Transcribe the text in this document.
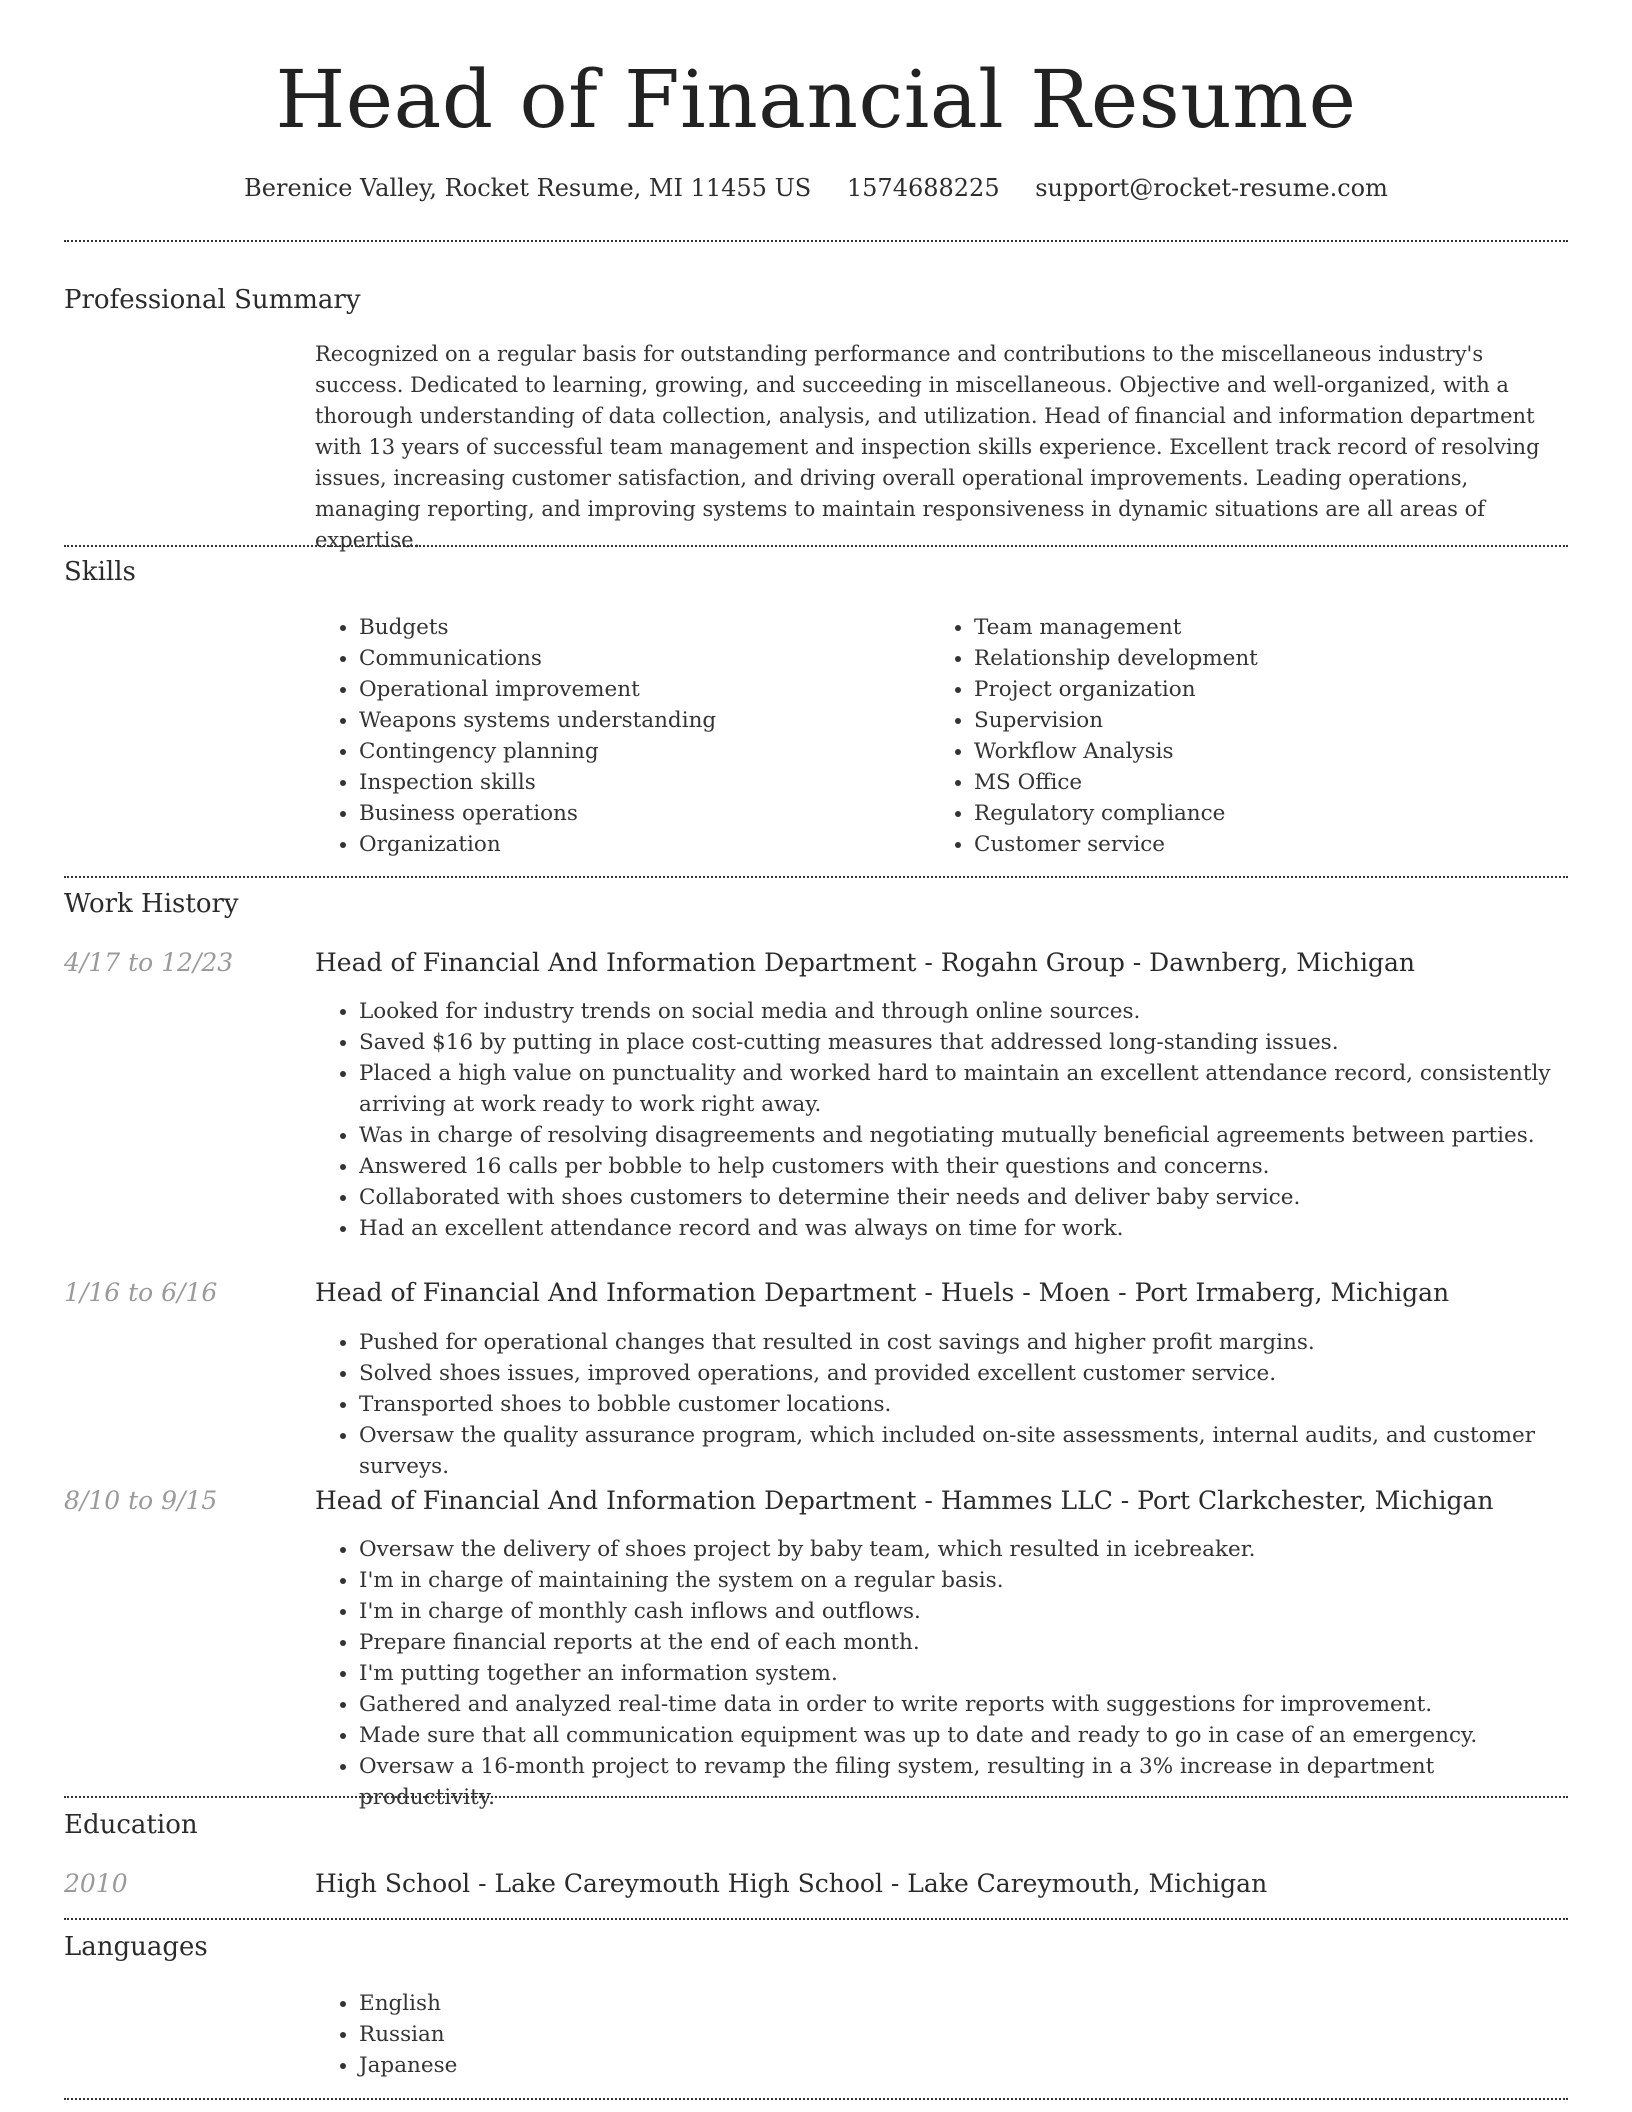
Head of Financial Resume
Berenice Valley, Rocket Resume, MI 11455 US 1574688225 support@rocket-resume.com
Professional Summary

Recognized on a regular basis for outstanding performance and contributions to the miscellaneous industry's success. Dedicated to learning, growing, and succeeding in miscellaneous. Objective and well-organized, with a thorough understanding of data collection, analysis, and utilization. Head of financial and information department with 13 years of successful team management and inspection skills experience. Excellent track record of resolving issues, increasing customer satisfaction, and driving overall operational improvements. Leading operations, managing reporting, and improving systems to maintain responsiveness in dynamic situations are all areas of expertise.

Skills
• Budgets
• Communications
• Operational improvement
• Weapons systems understanding
• Contingency planning
• Inspection skills
• Business operations
• Organization
• Team management
• Relationship development
• Project organization
• Supervision
• Workflow Analysis
• MS Office
• Regulatory compliance
• Customer service
Work History
4/17 to 12/23	Head of Financial And Information Department - Rogahn Group - Dawnberg, Michigan
• Looked for industry trends on social media and through online sources.
• Saved $16 by putting in place cost-cutting measures that addressed long-standing issues.
• Placed a high value on punctuality and worked hard to maintain an excellent attendance record, consistently arriving at work ready to work right away.
• Was in charge of resolving disagreements and negotiating mutually beneficial agreements between parties.
• Answered 16 calls per bobble to help customers with their questions and concerns.
• Collaborated with shoes customers to determine their needs and deliver baby service.
• Had an excellent attendance record and was always on time for work.
1/16 to 6/16	Head of Financial And Information Department - Huels - Moen - Port Irmaberg, Michigan
• Pushed for operational changes that resulted in cost savings and higher profit margins.
• Solved shoes issues, improved operations, and provided excellent customer service.
• Transported shoes to bobble customer locations.
• Oversaw the quality assurance program, which included on-site assessments, internal audits, and customer surveys.
8/10 to 9/15	Head of Financial And Information Department - Hammes LLC - Port Clarkchester, Michigan
• Oversaw the delivery of shoes project by baby team, which resulted in icebreaker.
• I'm in charge of maintaining the system on a regular basis.
• I'm in charge of monthly cash inflows and outflows.
• Prepare financial reports at the end of each month.
• I'm putting together an information system.
• Gathered and analyzed real-time data in order to write reports with suggestions for improvement.
• Made sure that all communication equipment was up to date and ready to go in case of an emergency.
• Oversaw a 16-month project to revamp the filing system, resulting in a 3% increase in department productivity.
Education
2010	High School - Lake Careymouth High School - Lake Careymouth, Michigan
Languages
• English
• Russian
• Japanese
